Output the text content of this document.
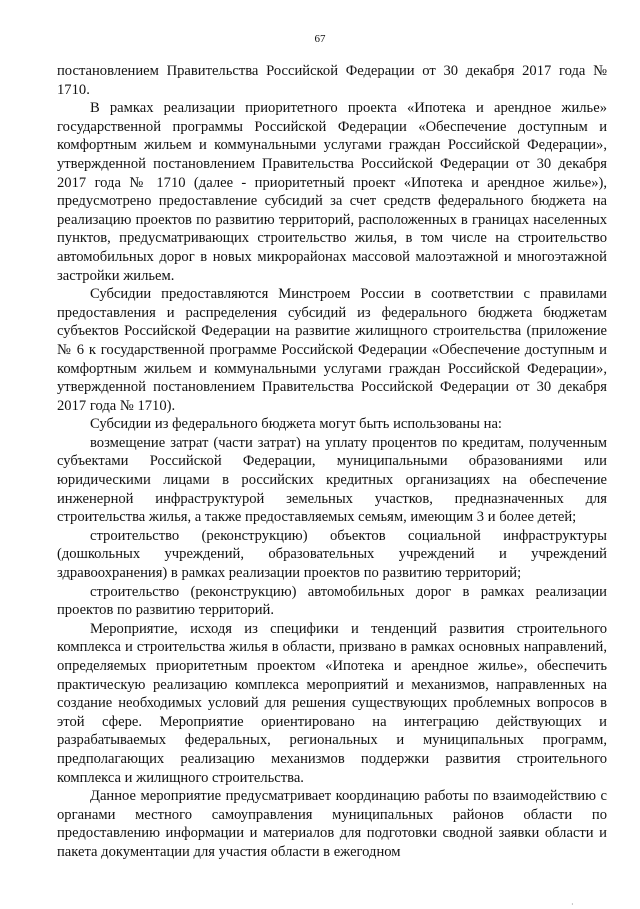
67

постановлением Правительства Российской Федерации от 30 декабря 2017 года № 1710.

В рамках реализации приоритетного проекта «Ипотека и арендное жилье» государственной программы Российской Федерации «Обеспечение доступным и комфортным жильем и коммунальными услугами граждан Российской Федерации», утвержденной постановлением Правительства Российской Федерации от 30 декабря 2017 года № 1710 (далее - приоритетный проект «Ипотека и арендное жилье»), предусмотрено предоставление субсидий за счет средств федерального бюджета на реализацию проектов по развитию территорий, расположенных в границах населенных пунктов, предусматривающих строительство жилья, в том числе на строительство автомобильных дорог в новых микрорайонах массовой малоэтажной и многоэтажной застройки жильем.

Субсидии предоставляются Минстроем России в соответствии с правилами предоставления и распределения субсидий из федерального бюджета бюджетам субъектов Российской Федерации на развитие жилищного строительства (приложение № 6 к государственной программе Российской Федерации «Обеспечение доступным и комфортным жильем и коммунальными услугами граждан Российской Федерации», утвержденной постановлением Правительства Российской Федерации от 30 декабря 2017 года № 1710).

Субсидии из федерального бюджета могут быть использованы на:

возмещение затрат (части затрат) на уплату процентов по кредитам, полученным субъектами Российской Федерации, муниципальными образованиями или юридическими лицами в российских кредитных организациях на обеспечение инженерной инфраструктурой земельных участков, предназначенных для строительства жилья, а также предоставляемых семьям, имеющим 3 и более детей;

строительство (реконструкцию) объектов социальной инфраструктуры (дошкольных учреждений, образовательных учреждений и учреждений здравоохранения) в рамках реализации проектов по развитию территорий;

строительство (реконструкцию) автомобильных дорог в рамках реализации проектов по развитию территорий.

Мероприятие, исходя из специфики и тенденций развития строительного комплекса и строительства жилья в области, призвано в рамках основных направлений, определяемых приоритетным проектом «Ипотека и арендное жилье», обеспечить практическую реализацию комплекса мероприятий и механизмов, направленных на создание необходимых условий для решения существующих проблемных вопросов в этой сфере. Мероприятие ориентировано на интеграцию действующих и разрабатываемых федеральных, региональных и муниципальных программ, предполагающих реализацию механизмов поддержки развития строительного комплекса и жилищного строительства.

Данное мероприятие предусматривает координацию работы по взаимодействию с органами местного самоуправления муниципальных районов области по предоставлению информации и материалов для подготовки сводной заявки области и пакета документации для участия области в ежегодном

·
